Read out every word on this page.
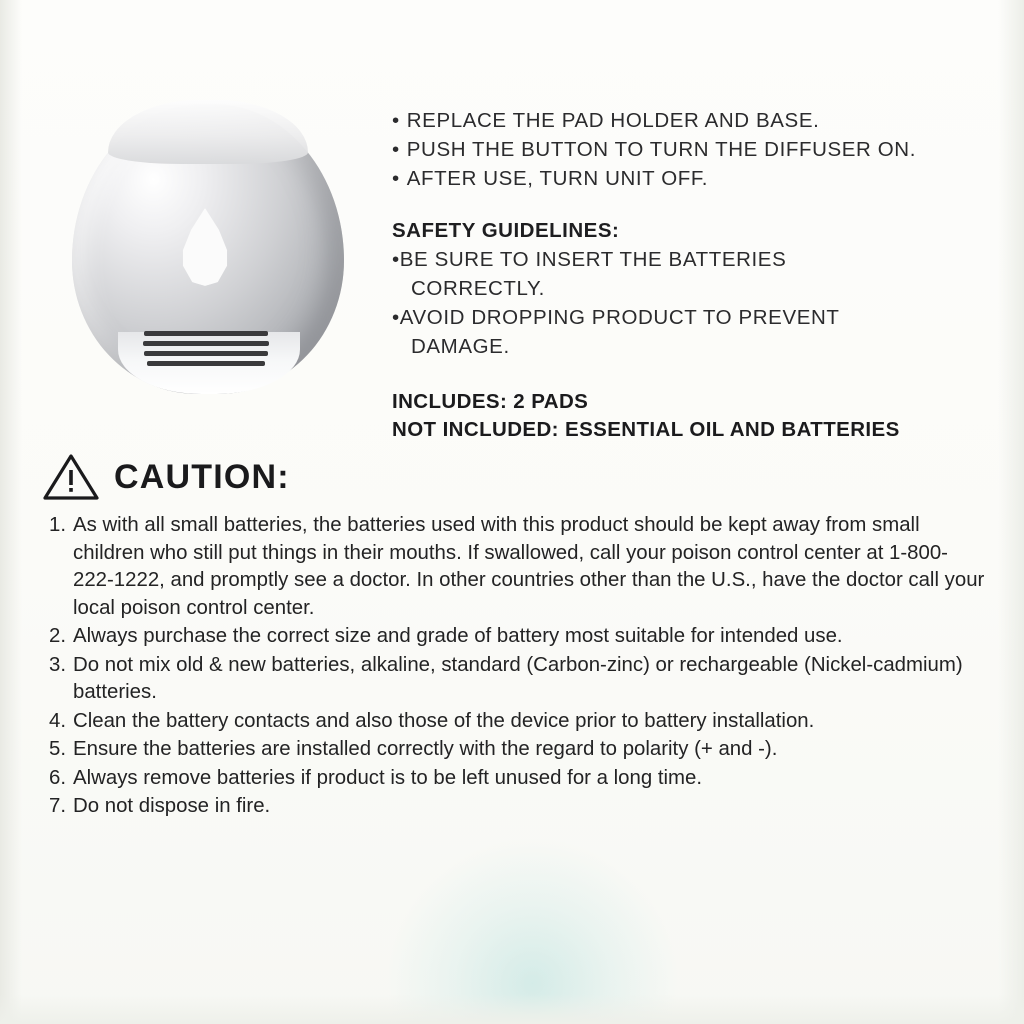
• REPLACE THE PAD HOLDER AND BASE.
• PUSH THE BUTTON TO TURN THE DIFFUSER ON.
• AFTER USE, TURN UNIT OFF.
SAFETY GUIDELINES:
•BE SURE TO INSERT THE BATTERIES
CORRECTLY.
•AVOID DROPPING PRODUCT TO PREVENT
DAMAGE.
INCLUDES: 2 PADS
NOT INCLUDED: ESSENTIAL OIL AND BATTERIES
CAUTION:
1. As with all small batteries, the batteries used with this product should be kept away from small children who still put things in their mouths. If swallowed, call your poison control center at 1-800-222-1222, and promptly see a doctor. In other countries other than the U.S., have the doctor call your local poison control center.
2. Always purchase the correct size and grade of battery most suitable for intended use.
3. Do not mix old & new batteries, alkaline, standard (Carbon-zinc) or rechargeable (Nickel-cadmium) batteries.
4. Clean the battery contacts and also those of the device prior to battery installation.
5. Ensure the batteries are installed correctly with the regard to polarity (+ and -).
6. Always remove batteries if product is to be left unused for a long time.
7. Do not dispose in fire.
